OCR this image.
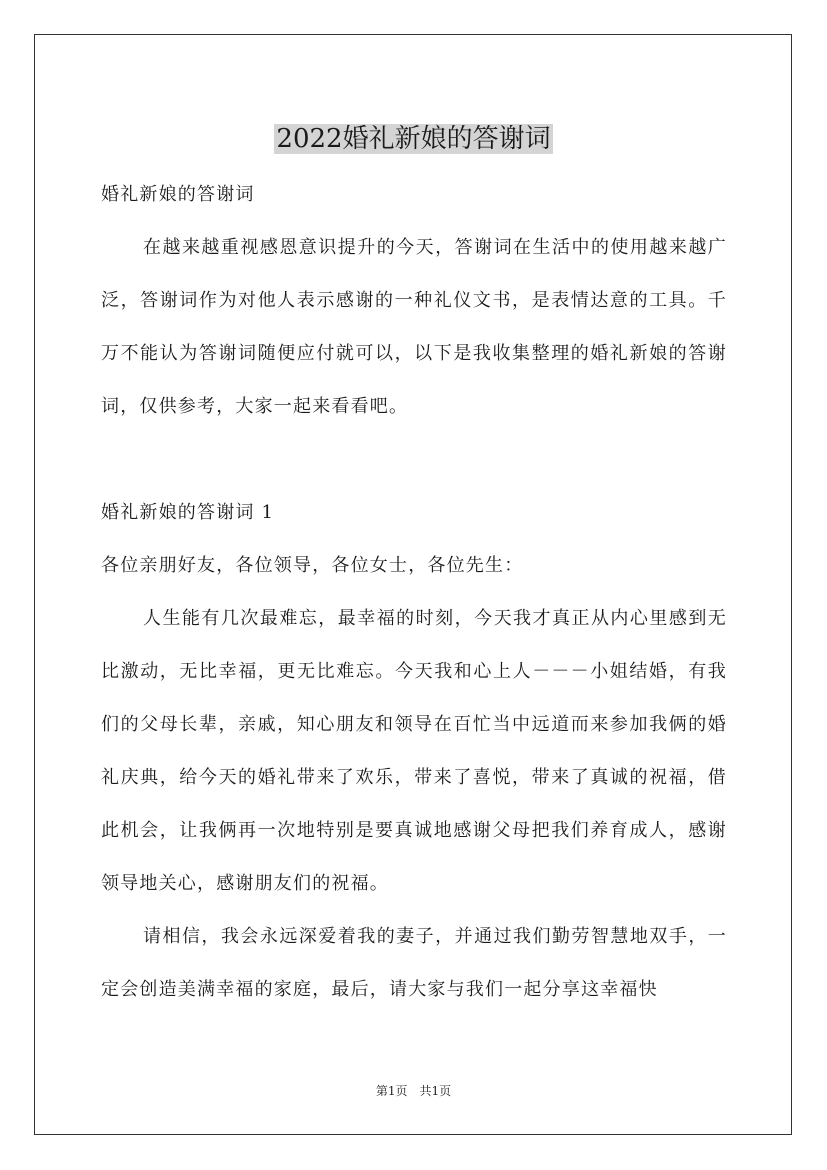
2022婚礼新娘的答谢词

婚礼新娘的答谢词

在越来越重视感恩意识提升的今天，答谢词在生活中的使用越来越广泛，答谢词作为对他人表示感谢的一种礼仪文书，是表情达意的工具。千万不能认为答谢词随便应付就可以，以下是我收集整理的婚礼新娘的答谢词，仅供参考，大家一起来看看吧。

婚礼新娘的答谢词 1

各位亲朋好友，各位领导，各位女士，各位先生：

人生能有几次最难忘，最幸福的时刻，今天我才真正从内心里感到无比激动，无比幸福，更无比难忘。今天我和心上人－－－小姐结婚，有我们的父母长辈，亲戚，知心朋友和领导在百忙当中远道而来参加我俩的婚礼庆典，给今天的婚礼带来了欢乐，带来了喜悦，带来了真诚的祝福，借此机会，让我俩再一次地特别是要真诚地感谢父母把我们养育成人，感谢领导地关心，感谢朋友们的祝福。

请相信，我会永远深爱着我的妻子，并通过我们勤劳智慧地双手，一定会创造美满幸福的家庭，最后，请大家与我们一起分享这幸福快

第1页 共1页
